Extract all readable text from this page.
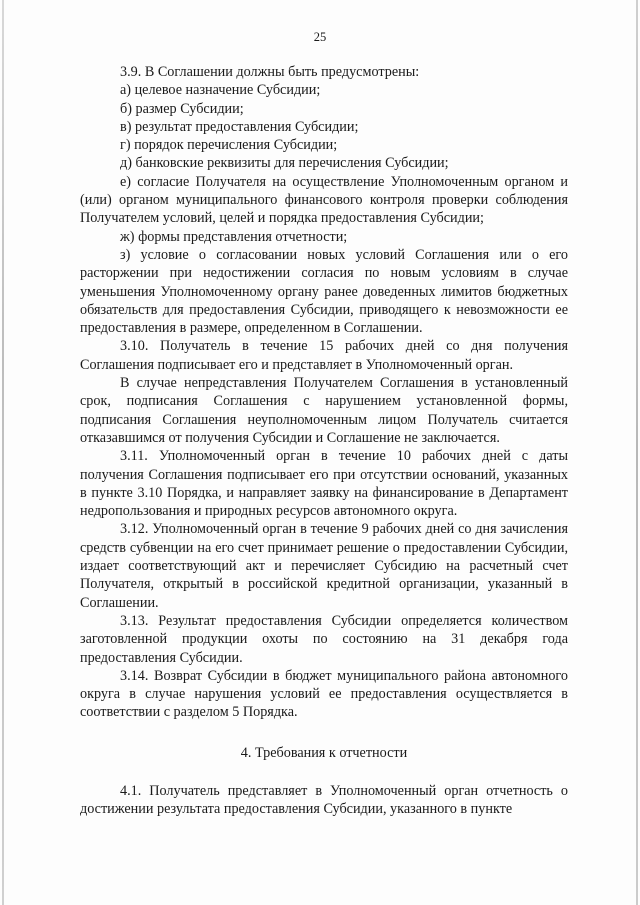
25

3.9. В Соглашении должны быть предусмотрены:

а) целевое назначение Субсидии;

б) размер Субсидии;

в) результат предоставления Субсидии;

г) порядок перечисления Субсидии;

д) банковские реквизиты для перечисления Субсидии;

е) согласие Получателя на осуществление Уполномоченным органом и (или) органом муниципального финансового контроля проверки соблюдения Получателем условий, целей и порядка предоставления Субсидии;

ж) формы представления отчетности;

з) условие о согласовании новых условий Соглашения или о его расторжении при недостижении согласия по новым условиям в случае уменьшения Уполномоченному органу ранее доведенных лимитов бюджетных обязательств для предоставления Субсидии, приводящего к невозможности ее предоставления в размере, определенном в Соглашении.

3.10. Получатель в течение 15 рабочих дней со дня получения Соглашения подписывает его и представляет в Уполномоченный орган.

В случае непредставления Получателем Соглашения в установленный срок, подписания Соглашения с нарушением установленной формы, подписания Соглашения неуполномоченным лицом Получатель считается отказавшимся от получения Субсидии и Соглашение не заключается.

3.11. Уполномоченный орган в течение 10 рабочих дней с даты получения Соглашения подписывает его при отсутствии оснований, указанных в пункте 3.10 Порядка, и направляет заявку на финансирование в Департамент недропользования и природных ресурсов автономного округа.

3.12. Уполномоченный орган в течение 9 рабочих дней со дня зачисления средств субвенции на его счет принимает решение о предоставлении Субсидии, издает соответствующий акт и перечисляет Субсидию на расчетный счет Получателя, открытый в российской кредитной организации, указанный в Соглашении.

3.13. Результат предоставления Субсидии определяется количеством заготовленной продукции охоты по состоянию на 31 декабря года предоставления Субсидии.

3.14. Возврат Субсидии в бюджет муниципального района автономного округа в случае нарушения условий ее предоставления осуществляется в соответствии с разделом 5 Порядка.

4. Требования к отчетности

4.1. Получатель представляет в Уполномоченный орган отчетность о достижении результата предоставления Субсидии, указанного в пункте
